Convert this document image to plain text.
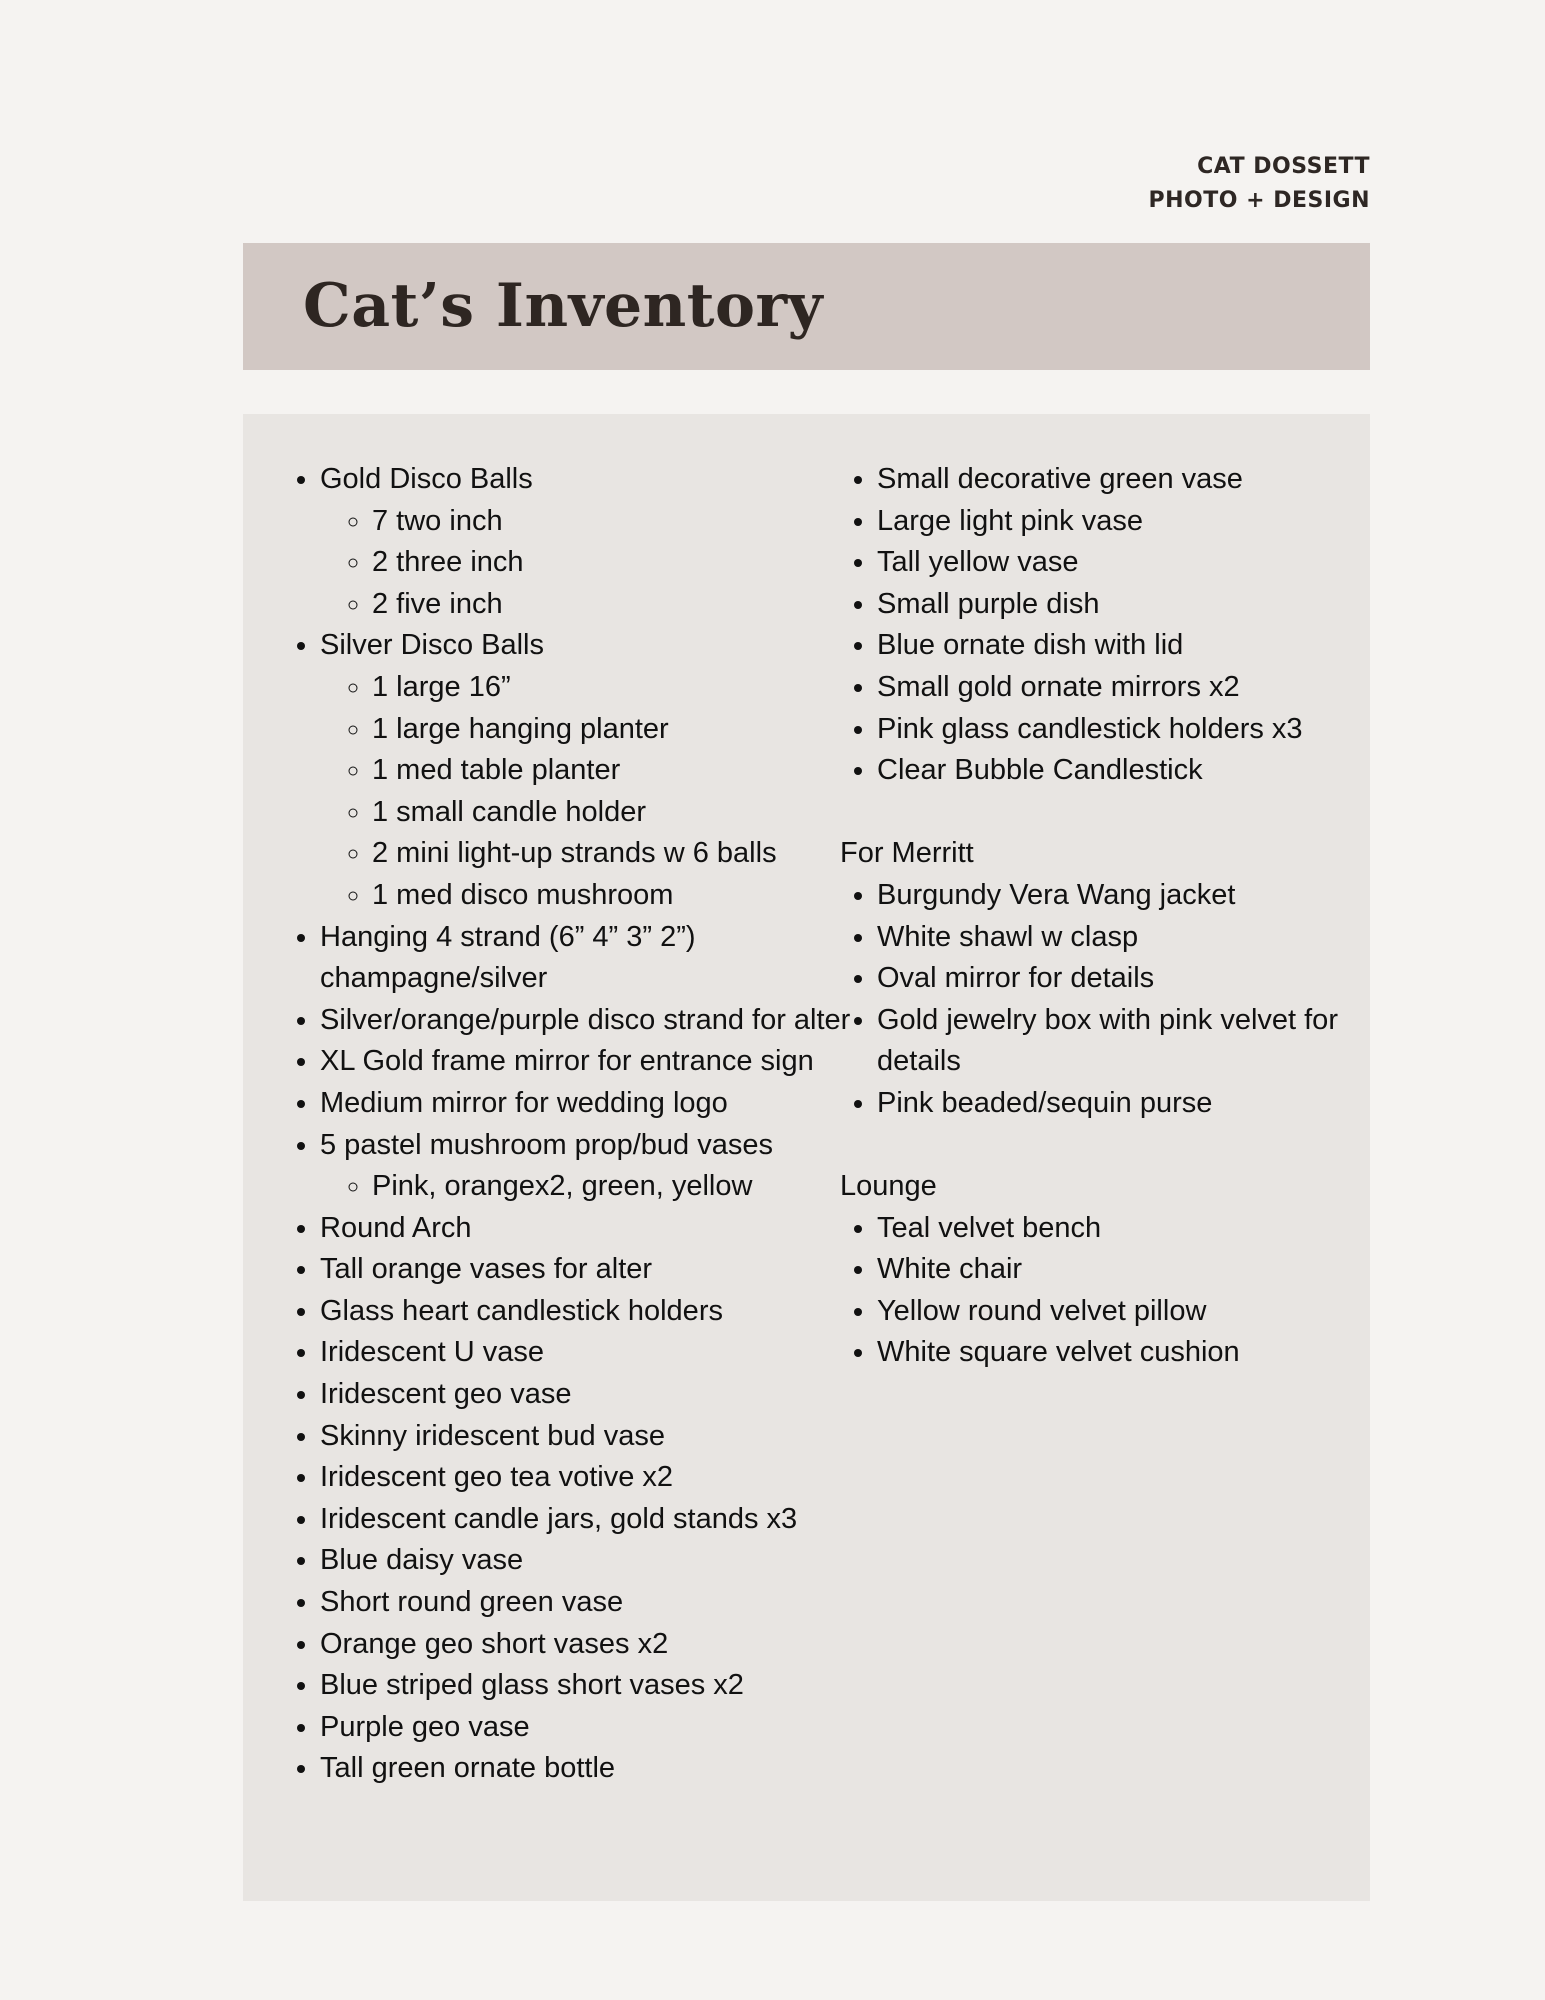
CAT DOSSETT
PHOTO + DESIGN
Cat’s Inventory
• Gold Disco Balls
◦ 7 two inch
◦ 2 three inch
◦ 2 five inch
• Silver Disco Balls
◦ 1 large 16”
◦ 1 large hanging planter
◦ 1 med table planter
◦ 1 small candle holder
◦ 2 mini light-up strands w 6 balls
◦ 1 med disco mushroom
• Hanging 4 strand (6” 4” 3” 2”) champagne/silver
• Silver/orange/purple disco strand for alter
• XL Gold frame mirror for entrance sign
• Medium mirror for wedding logo
• 5 pastel mushroom prop/bud vases
◦ Pink, orangex2, green, yellow
• Round Arch
• Tall orange vases for alter
• Glass heart candlestick holders
• Iridescent U vase
• Iridescent geo vase
• Skinny iridescent bud vase
• Iridescent geo tea votive x2
• Iridescent candle jars, gold stands x3
• Blue daisy vase
• Short round green vase
• Orange geo short vases x2
• Blue striped glass short vases x2
• Purple geo vase
• Tall green ornate bottle
• Small decorative green vase
• Large light pink vase
• Tall yellow vase
• Small purple dish
• Blue ornate dish with lid
• Small gold ornate mirrors x2
• Pink glass candlestick holders x3
• Clear Bubble Candlestick

For Merritt

• Burgundy Vera Wang jacket
• White shawl w clasp
• Oval mirror for details
• Gold jewelry box with pink velvet for details
• Pink beaded/sequin purse

Lounge

• Teal velvet bench
• White chair
• Yellow round velvet pillow
• White square velvet cushion
